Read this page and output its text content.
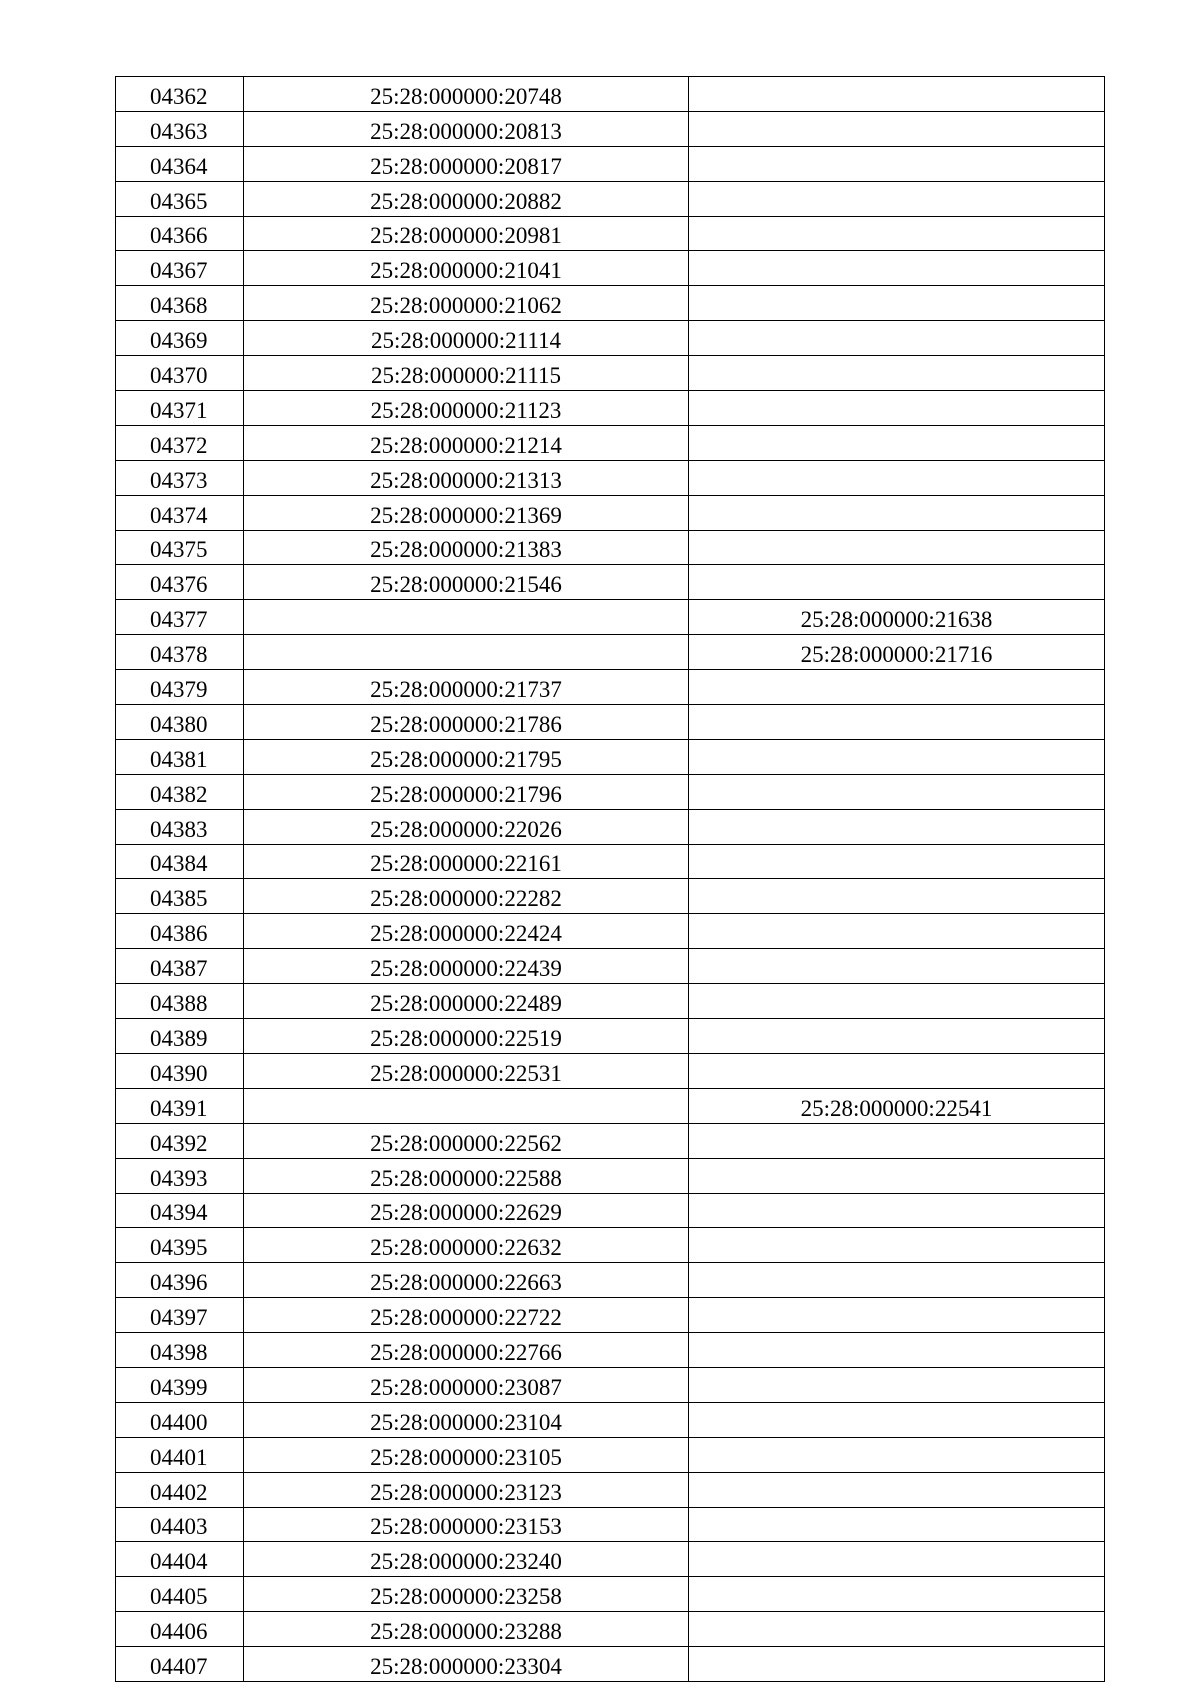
04362	25:28:000000:20748	
04363	25:28:000000:20813	
04364	25:28:000000:20817	
04365	25:28:000000:20882	
04366	25:28:000000:20981	
04367	25:28:000000:21041	
04368	25:28:000000:21062	
04369	25:28:000000:21114	
04370	25:28:000000:21115	
04371	25:28:000000:21123	
04372	25:28:000000:21214	
04373	25:28:000000:21313	
04374	25:28:000000:21369	
04375	25:28:000000:21383	
04376	25:28:000000:21546	
04377		25:28:000000:21638
04378		25:28:000000:21716
04379	25:28:000000:21737	
04380	25:28:000000:21786	
04381	25:28:000000:21795	
04382	25:28:000000:21796	
04383	25:28:000000:22026	
04384	25:28:000000:22161	
04385	25:28:000000:22282	
04386	25:28:000000:22424	
04387	25:28:000000:22439	
04388	25:28:000000:22489	
04389	25:28:000000:22519	
04390	25:28:000000:22531	
04391		25:28:000000:22541
04392	25:28:000000:22562	
04393	25:28:000000:22588	
04394	25:28:000000:22629	
04395	25:28:000000:22632	
04396	25:28:000000:22663	
04397	25:28:000000:22722	
04398	25:28:000000:22766	
04399	25:28:000000:23087	
04400	25:28:000000:23104	
04401	25:28:000000:23105	
04402	25:28:000000:23123	
04403	25:28:000000:23153	
04404	25:28:000000:23240	
04405	25:28:000000:23258	
04406	25:28:000000:23288	
04407	25:28:000000:23304	
